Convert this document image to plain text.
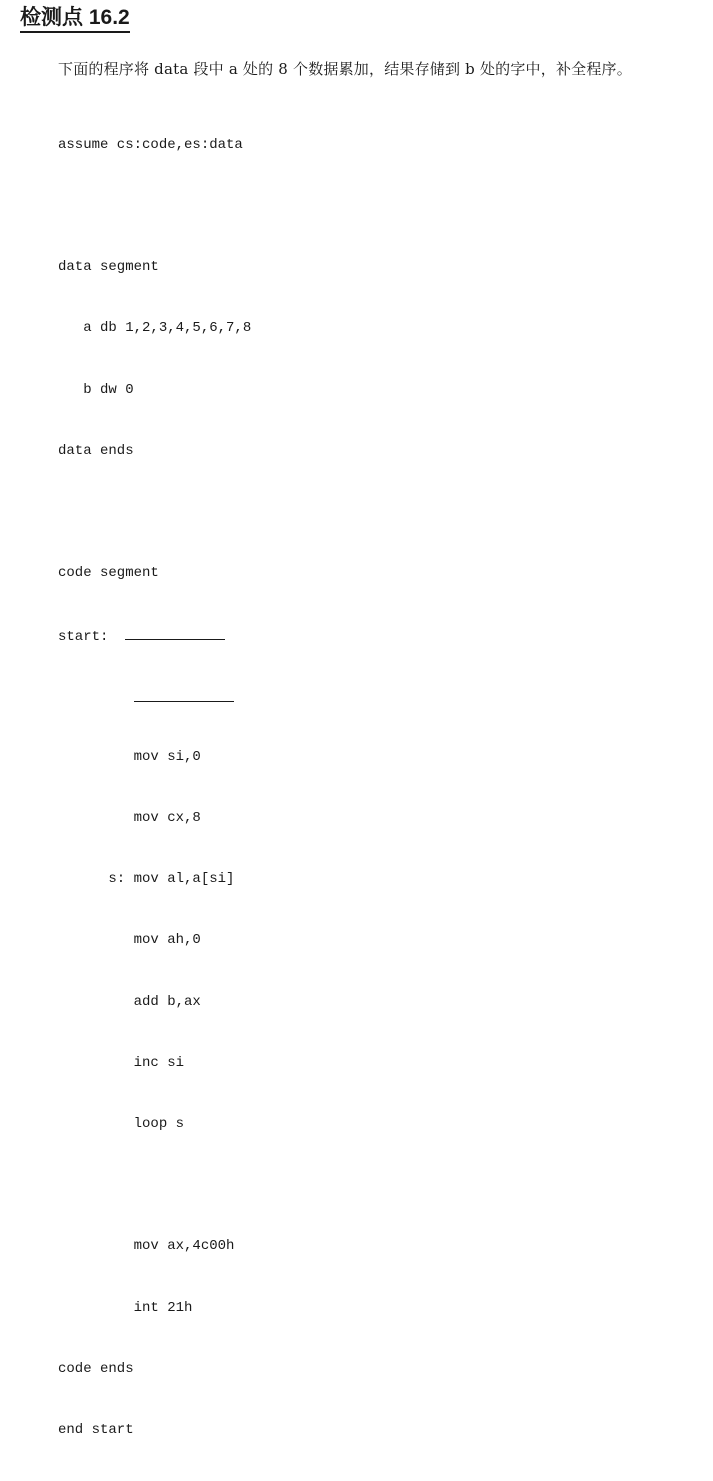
检测点 16.2
下面的程序将 data 段中 a 处的 8 个数据累加，结果存储到 b 处的字中，补全程序。

assume cs:code,es:data

data segment

a db 1,2,3,4,5,6,7,8

b dw 0

data ends

code segment

start:

mov si,0

mov cx,8

s: mov al,a[si]

mov ah,0

add b,ax

inc si

loop s

mov ax,4c00h

int 21h

code ends

end start
